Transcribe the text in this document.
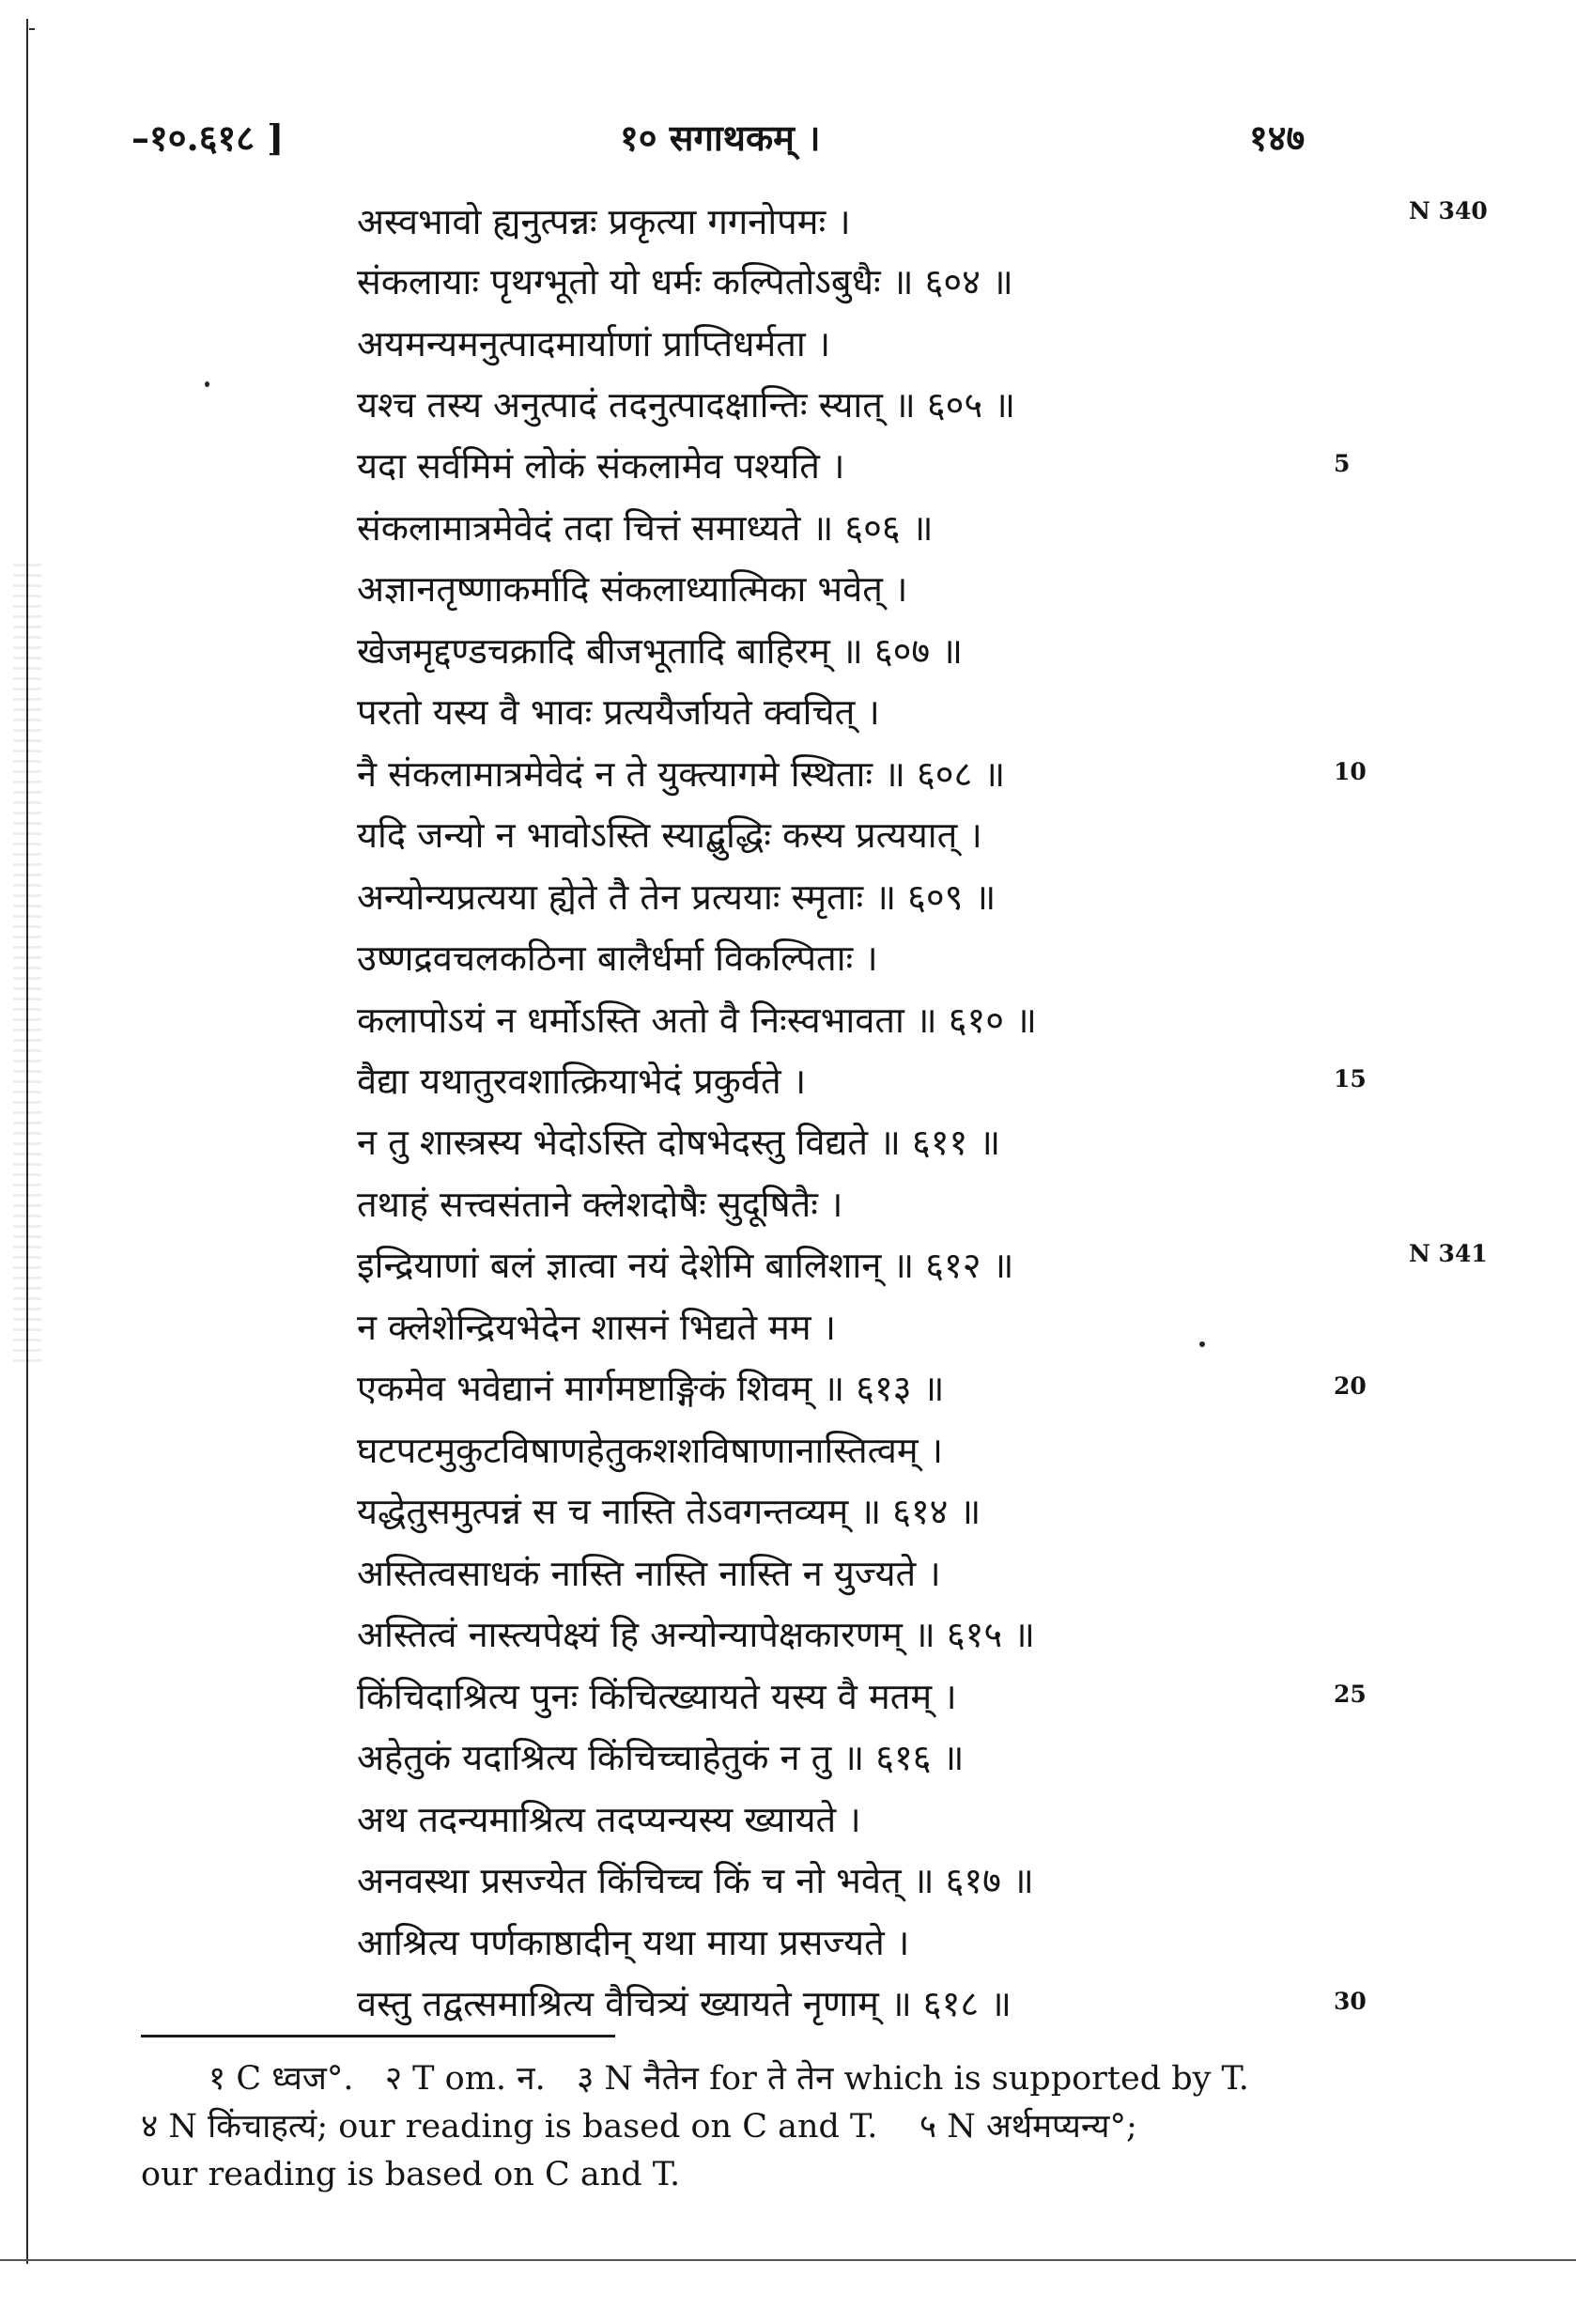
–१०.६१८ ]	१० सगाथकम् ।	१४७
अस्वभावो ह्यनुत्पन्नः प्रकृत्या गगनोपमः ।
संकलायाः पृथग्भूतो यो धर्मः कल्पितोऽबुधैः ॥ ६०४ ॥
अयमन्यमनुत्पादमार्याणां प्राप्तिधर्मता ।
यश्च तस्य अनुत्पादं तदनुत्पादक्षान्तिः स्यात् ॥ ६०५ ॥
यदा सर्वमिमं लोकं संकलामेव पश्यति ।
संकलामात्रमेवेदं तदा चित्तं समाध्यते ॥ ६०६ ॥
अज्ञानतृष्णाकर्मादि संकलाध्यात्मिका भवेत् ।
खेजमृद्दण्डचक्रादि बीजभूतादि बाहिरम् ॥ ६०७ ॥
परतो यस्य वै भावः प्रत्ययैर्जायते क्वचित् ।
नै संकलामात्रमेवेदं न ते युक्त्यागमे स्थिताः ॥ ६०८ ॥
यदि जन्यो न भावोऽस्ति स्याद्बुद्धिः कस्य प्रत्ययात् ।
अन्योन्यप्रत्यया ह्येते तेै तेन प्रत्ययाः स्मृताः ॥ ६०९ ॥
उष्णद्रवचलकठिना बालैर्धर्मा विकल्पिताः ।
कलापोऽयं न धर्मोऽस्ति अतो वै निःस्वभावता ॥ ६१० ॥
वैद्या यथातुरवशात्क्रियाभेदं प्रकुर्वते ।
न तु शास्त्रस्य भेदोऽस्ति दोषभेदस्तु विद्यते ॥ ६११ ॥
तथाहं सत्त्वसंताने क्लेशदोषैः सुदूषितैः ।
इन्द्रियाणां बलं ज्ञात्वा नयं देशेमि बालिशान् ॥ ६१२ ॥
न क्लेशेन्द्रियभेदेन शासनं भिद्यते मम ।
एकमेव भवेद्यानं मार्गमष्टाङ्गिकं शिवम् ॥ ६१३ ॥
घटपटमुकुटविषाणहेतुकशशविषाणानास्तित्वम् ।
यद्धेतुसमुत्पन्नं स च नास्ति तेऽवगन्तव्यम् ॥ ६१४ ॥
अस्तित्वसाधकं नास्ति नास्ति नास्ति न युज्यते ।
अस्तित्वं नास्त्यपेक्ष्यं हि अन्योन्यापेक्षकारणम् ॥ ६१५ ॥
किंचिदाश्रित्य पुनः किंचित्ख्यायते यस्य वै मतम् ।
अहेतुकं यदाश्रित्य किंचिच्चाहेतुकं न तु ॥ ६१६ ॥
अथ तदन्यमाश्रित्य तदप्यन्यस्य ख्यायते ।
अनवस्था प्रसज्येत किंचिच्च किं च नो भवेत् ॥ ६१७ ॥
आश्रित्य पर्णकाष्ठादीन् यथा माया प्रसज्यते ।
वस्तु तद्वत्समाश्रित्य वैचित्र्यं ख्यायते नृणाम् ॥ ६१८ ॥
5
10
15
20
25
30
N 340
N 341
१ C ध्वज°. २ T om. न. ३ N नैतेन for ते तेन which is supported by T.
४ N किंचाहत्यं; our reading is based on C and T. ५ N अर्थमप्यन्य°;
our reading is based on C and T.
